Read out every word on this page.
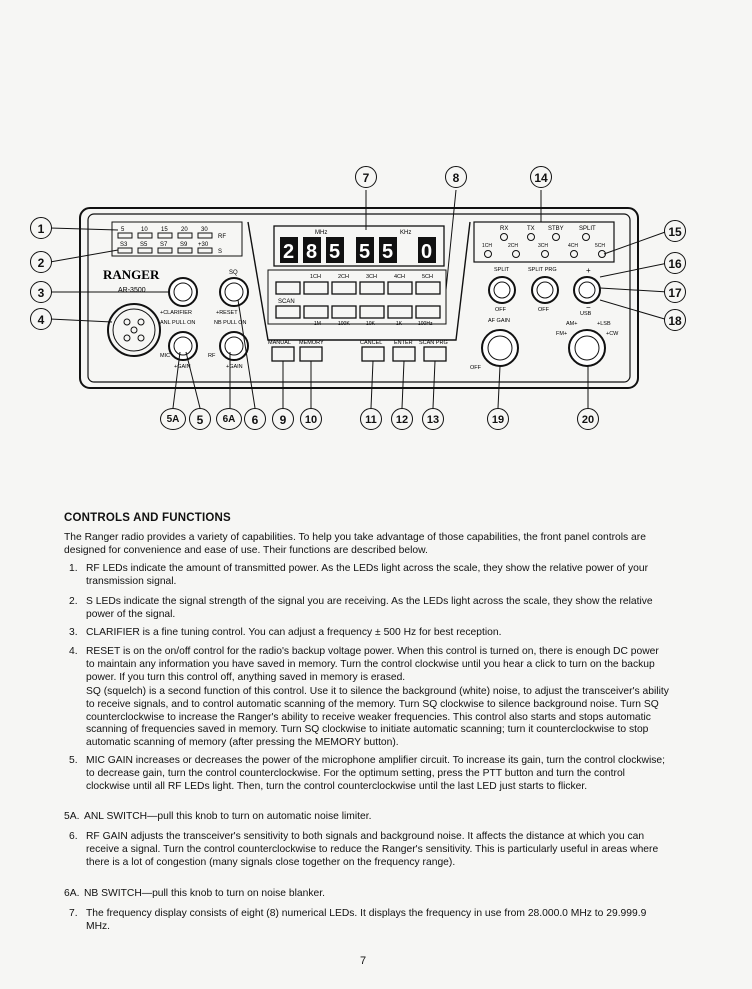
5	10 15 20 30
RF
S3 S5 S7 S9 +30
S
RANGER
AR-3500
SQ
+CLARIFIER	+RESET
ANL PULL ON	NB PULL ON
MIC
+GAIN
RF
+GAIN
MHz	KHz
2 8 5 5 5 0
1CH	2CH	3CH	4CH	5CH
SCAN
1M	100K	10K	1K	100Hz
MANUAL MEMORY	CANCEL ENTER SCAN PRG
RX	TX STBY	SPLIT
1CH	2CH	3CH	4CH	5CH
SPLIT	SPLIT PRG
OFF	OFF
+
−
AF GAIN
OFF
USB
AM+	+LSB
FM+	+CW
1
2
3
4
15
16
17
18
7	8	14
5A	5	6A	6	9	10	11	12	13	19	20
CONTROLS AND FUNCTIONS
The Ranger radio provides a variety of capabilities. To help you take advantage of those capabilities, the front panel controls are designed for convenience and ease of use. Their functions are described below.
1. RF LEDs indicate the amount of transmitted power. As the LEDs light across the scale, they show the relative power of your transmission signal.
2. S LEDs indicate the signal strength of the signal you are receiving. As the LEDs light across the scale, they show the relative power of the signal.
3. CLARIFIER is a fine tuning control. You can adjust a frequency ± 500 Hz for best reception.
4. RESET is on the on/off control for the radio's backup voltage power. When this control is turned on, there is enough DC power to maintain any information you have saved in memory. Turn the control clockwise until you hear a click to turn on the backup power. If you turn this control off, anything saved in memory is erased.
SQ (squelch) is a second function of this control. Use it to silence the background (white) noise, to adjust the transceiver's ability to receive signals, and to control automatic scanning of the memory. Turn SQ clockwise to silence background noise. Turn SQ counterclockwise to increase the Ranger's ability to receive weaker frequencies. This control also starts and stops automatic scanning of frequencies saved in memory. Turn SQ clockwise to initiate automatic scanning; turn it counterclockwise to stop automatic scanning of memory (after pressing the MEMORY button).
5. MIC GAIN increases or decreases the power of the microphone amplifier circuit. To increase its gain, turn the control clockwise; to decrease gain, turn the control counterclockwise. For the optimum setting, press the PTT button and turn the control clockwise until all RF LEDs light. Then, turn the control counterclockwise until the last LED just starts to flicker.
5A. ANL SWITCH—pull this knob to turn on automatic noise limiter.
6. RF GAIN adjusts the transceiver's sensitivity to both signals and background noise. It affects the distance at which you can receive a signal. Turn the control counterclockwise to reduce the Ranger's sensitivity. This is particularly useful in areas where there is a lot of congestion (many signals close together on the frequency range).
6A. NB SWITCH—pull this knob to turn on noise blanker.
7. The frequency display consists of eight (8) numerical LEDs. It displays the frequency in use from 28.000.0 MHz to 29.999.9 MHz.
7
